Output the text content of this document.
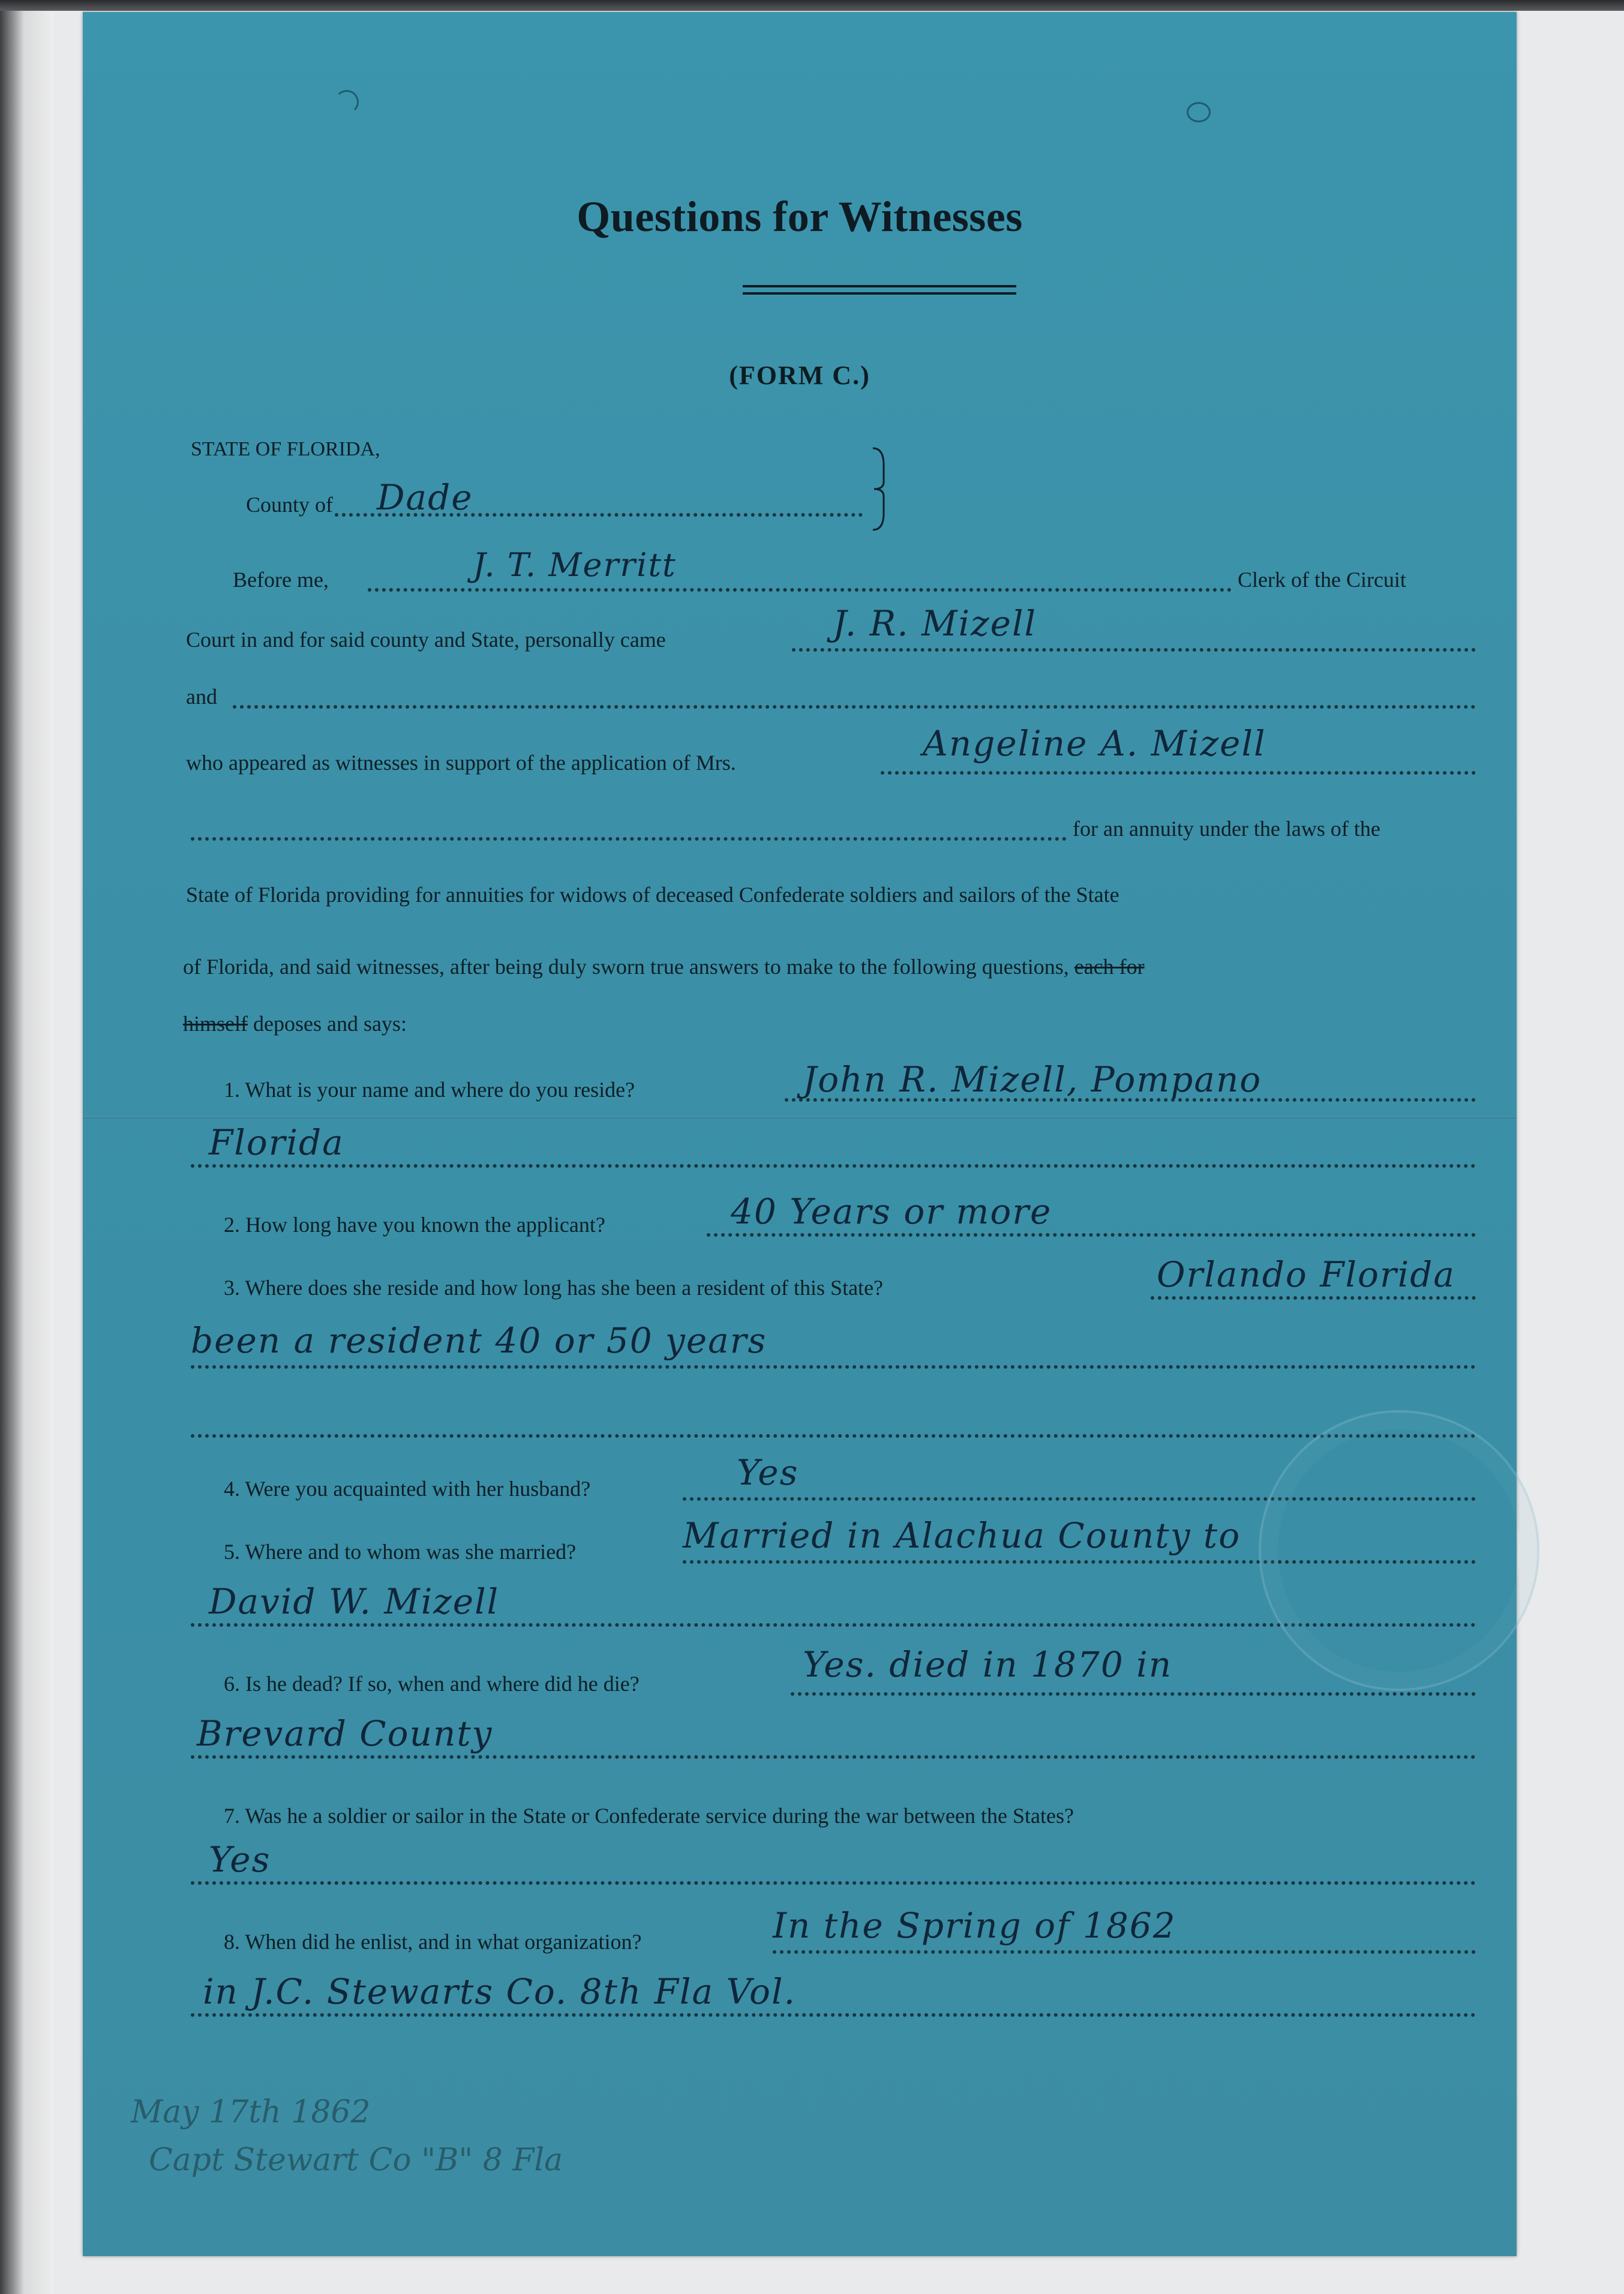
Questions for Witnesses
(FORM C.)
STATE OF FLORIDA,
County of Dade
Before me,	J. T. Merritt	Clerk of the Circuit
Court in and for said county and State, personally came	J. R. Mizell
and
who appeared as witnesses in support of the application of Mrs.	Angeline A. Mizell
for an annuity under the laws of the
State of Florida providing for annuities for widows of deceased Confederate soldiers and sailors of the State
of Florida, and said witnesses, after being duly sworn true answers to make to the following questions, each for
himself deposes and says:
1. What is your name and where do you reside?	John R. Mizell, Pompano
Florida
2. How long have you known the applicant?	40 Years or more
3. Where does she reside and how long has she been a resident of this State?	Orlando Florida
been a resident 40 or 50 years
4. Were you acquainted with her husband?	Yes
5. Where and to whom was she married?	Married in Alachua County to
David W. Mizell
6. Is he dead? If so, when and where did he die?	Yes. died in 1870 in
Brevard County
7. Was he a soldier or sailor in the State or Confederate service during the war between the States?
Yes
8. When did he enlist, and in what organization?	In the Spring of 1862
in J.C. Stewarts Co. 8th Fla Vol.
May 17th 1862
Capt Stewart Co "B" 8 Fla
